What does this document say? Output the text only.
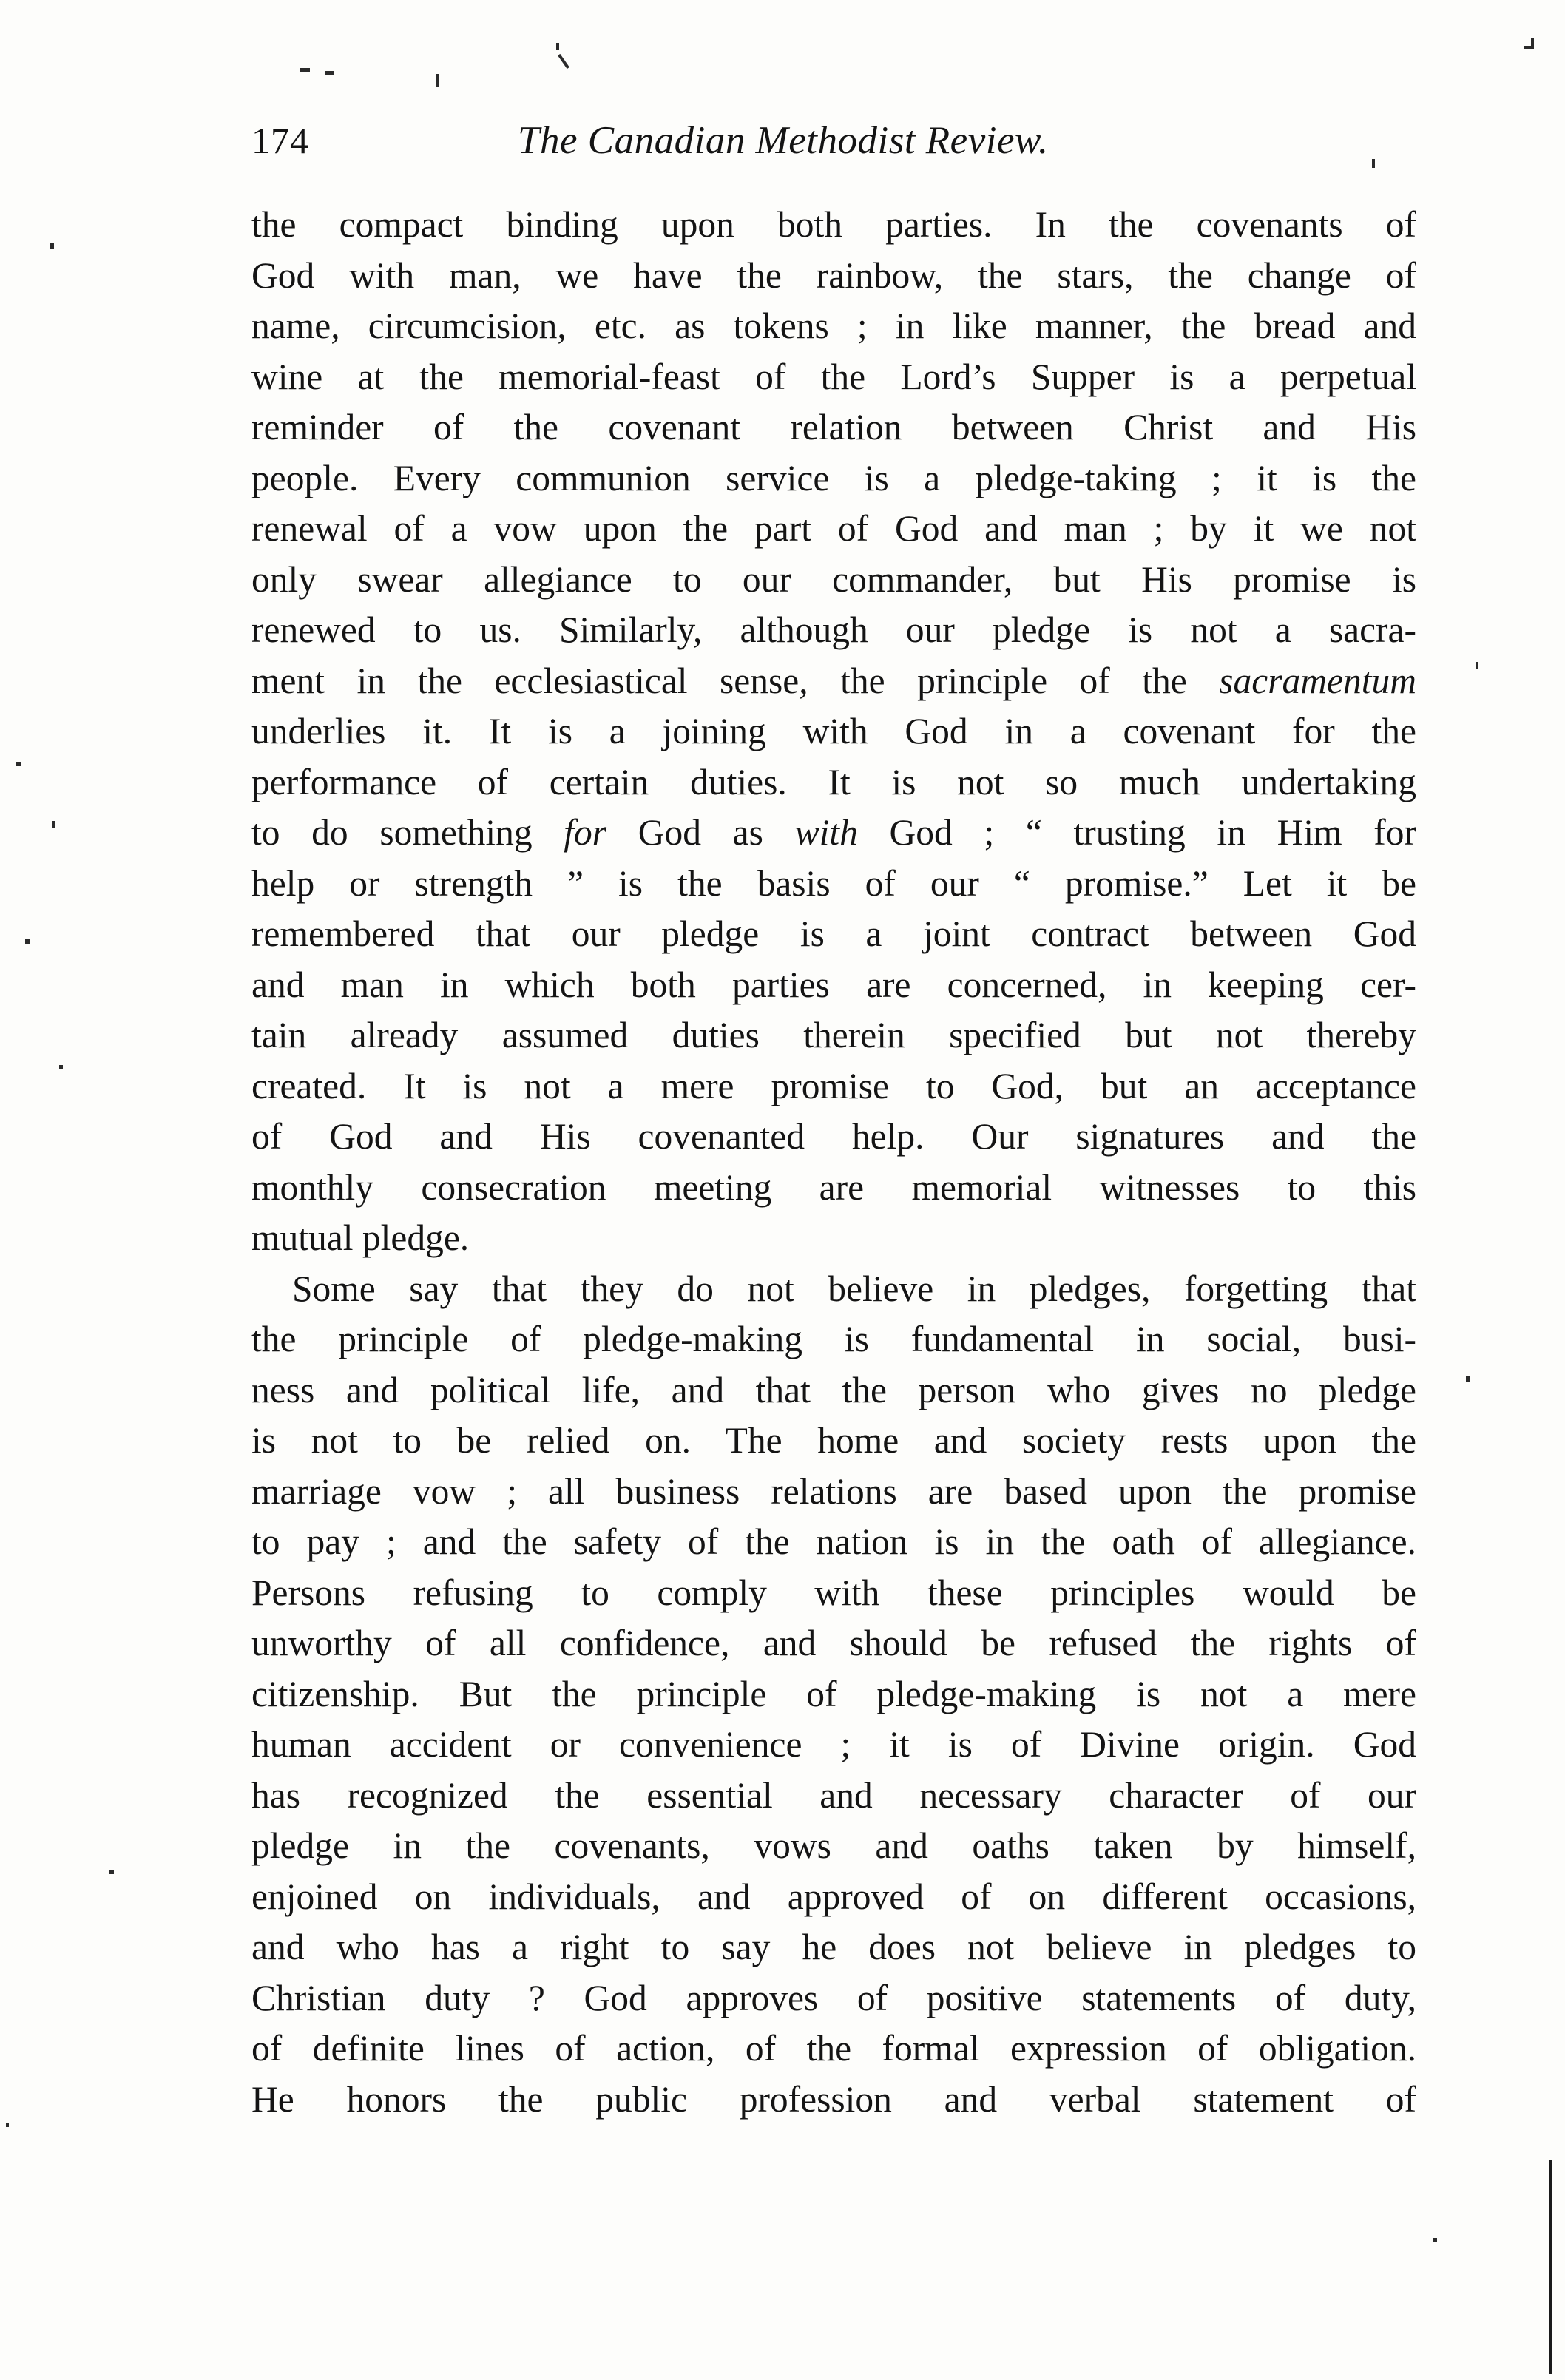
174	The Canadian Methodist Review.
the compact binding upon both parties. In the covenants of
God with man, we have the rainbow, the stars, the change of
name, circumcision, etc. as tokens ; in like manner, the bread and
wine at the memorial-feast of the Lord’s Supper is a perpetual
reminder of the covenant relation between Christ and His
people. Every communion service is a pledge-taking ; it is the
renewal of a vow upon the part of God and man ; by it we not
only swear allegiance to our commander, but His promise is
renewed to us. Similarly, although our pledge is not a sacra-
ment in the ecclesiastical sense, the principle of the sacramentum
underlies it. It is a joining with God in a covenant for the
performance of certain duties. It is not so much undertaking
to do something for God as with God ; “ trusting in Him for
help or strength ” is the basis of our “ promise.” Let it be
remembered that our pledge is a joint contract between God
and man in which both parties are concerned, in keeping cer-
tain already assumed duties therein specified but not thereby
created. It is not a mere promise to God, but an acceptance
of God and His covenanted help. Our signatures and the
monthly consecration meeting are memorial witnesses to this
mutual pledge.
Some say that they do not believe in pledges, forgetting that
the principle of pledge-making is fundamental in social, busi-
ness and political life, and that the person who gives no pledge
is not to be relied on. The home and society rests upon the
marriage vow ; all business relations are based upon the promise
to pay ; and the safety of the nation is in the oath of allegiance.
Persons refusing to comply with these principles would be
unworthy of all confidence, and should be refused the rights of
citizenship. But the principle of pledge-making is not a mere
human accident or convenience ; it is of Divine origin. God
has recognized the essential and necessary character of our
pledge in the covenants, vows and oaths taken by himself,
enjoined on individuals, and approved of on different occasions,
and who has a right to say he does not believe in pledges to
Christian duty ? God approves of positive statements of duty,
of definite lines of action, of the formal expression of obligation.
He honors the public profession and verbal statement of
